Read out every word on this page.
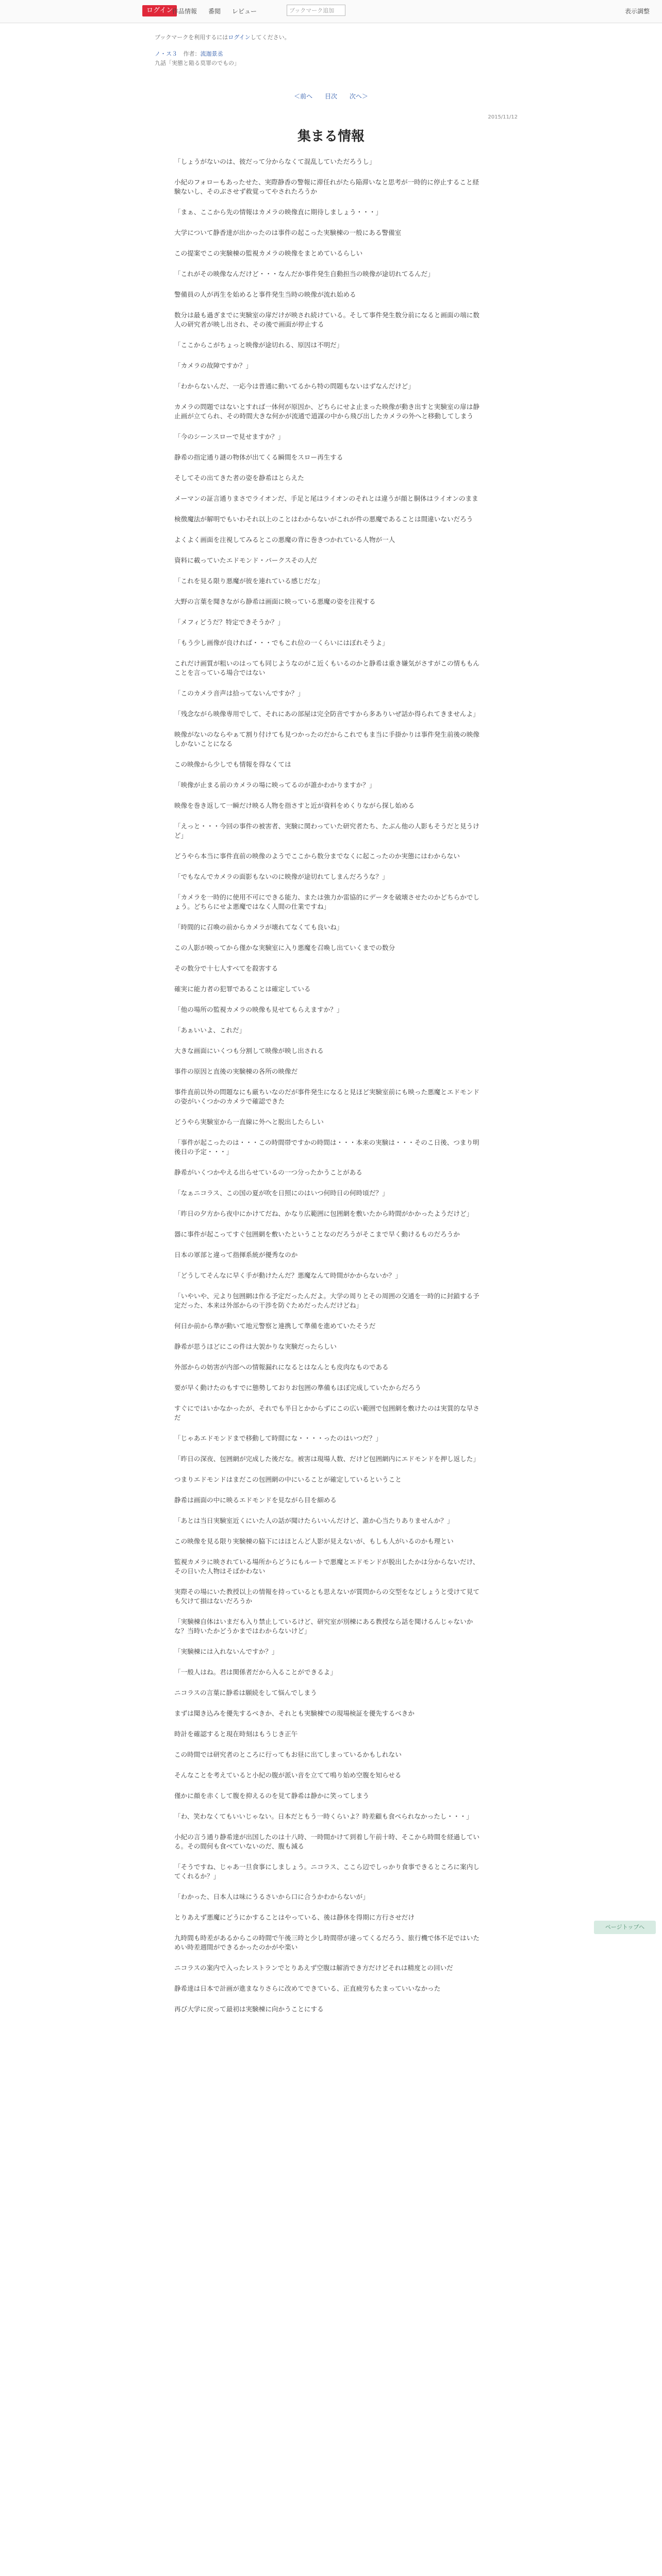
ログイン
作品情報 番閲 レビュー	ブックマーク追加	表示調整
ブックマークを利用するにはログインしてください。
ノ・ス３ 作者：流迦景丞
九話「実態と陥る莫罪のでもの」
＜前へ 目次 次へ＞
2015/11/12
集まる情報

「しょうがないのは、彼だって分からなくて混乱していただろうし」

小紀のフォローもあったせた、実際静香の警報に滞任れがたら陥滞いなと思考が一時的に停止すること経験ないし、そのぶさせず救覚ってやされたろうか

「まぁ、ここから先の情報はカメラの映像直に期待しましょう・・・」

大学について静香達が出かったのは事件の起こった実験棟の一般にある警備室

この提案でこの実験棟の監視カメラの映像をまとめているらしい

「これがその映像なんだけど・・・なんだか事件発生自動担当の映像が途切れてるんだ」

警備員の人が再生を始めると事件発生当時の映像が流れ始める

数分は最も過ぎまでに実験室の扉だけが映され続けている。そして事件発生数分前になると画面の端に数人の研究者が映し出され、その後で画面が停止する

「ここからこがちょっと映像が途切れる、原因は不明だ」

「カメラの故障ですか？」

「わからないんだ、一応今は普通に動いてるから特の問題もないはずなんだけど」

カメラの問題ではないとすれば一体何が原因か、どちらにせよ止まった映像が動き出すと実験室の扉は静止画が立てられ、その時間大きな何かが流通で道謀の中から飛び出したカメラの外へと移動してしまう

「今のシーンスローで見せますか？」

静希の指定通り謎の物体が出てくる瞬間をスロー再生する

そしてその出てきた者の姿を静希はとらえた

メーマンの証言通りまさでライオンだ、手足と尾はライオンのそれとは違うが顔と胴体はライオンのまま

検徴魔法が解明でもいわそれ以上のことはわからないがこれが件の悪魔であることは間違いないだろう

よくよく画面を注視してみるとこの悪魔の背に巻きつかれている人物が一人

資料に載っていたエドモンド・パークスその人だ

「これを見る限り悪魔が彼を連れている感じだな」

大野の言葉を聞きながら静希は画面に映っている悪魔の姿を注視する

「メフィどうだ？特定できそうか？」

「もう少し画像が良ければ・・・でもこれ位の一くらいにはぼれそうよ」

これだけ画質が粗いのはっても同じようなのがこ近くもいるのかと静希は重き嫌気がさすがこの情ももんことを言っている場合ではない

「このカメラ音声は拾ってないんですか？」

「残念ながら映像専用でして、それにあの部屋は完全防音ですから多ありいぜ話か得られてきませんよ」

映像がないのならやぁて割り付けても見つかったのだからこれでもま当に手掛かりは事件発生前後の映像しかないことになる

この映像から少しでも情報を得なくては

「映像が止まる前のカメラの場に映ってるのが誰かわかりますか？」

映像を巻き返して一瞬だけ映る人物を指さすと近が資料をめくりながら探し始める

「えっと・・・今回の事件の被害者、実験に関わっていた研究者たち、たぶん他の人影もそうだと見うけど」

どうやら本当に事件直前の映像のようでここから数分までなくに起こったのか実態にはわからない

「でもなんでカメラの面影もないのに映像が途切れてしまんだろうな？」

「カメラを一時的に使用不可にできる能力、または強力か雷協的にデータを破壊させたのかどちらかでしょう。どちらにせよ悪魔ではなく人間の仕業ですね」

「時間的に召喚の前からカメラが壊れてなくても良いね」

この人影が映ってから僅かな実験室に入り悪魔を召喚し出ていくまでの数分

その数分で十七人すべてを殺害する

確実に能力者の犯罪であることは確定している

「他の場所の監視カメラの映像も見せてもらえますか？」

「あぁいいよ、これだ」

大きな画面にいくつも分割して映像が映し出される

事件の原因と直後の実験棟の各所の映像だ

事件直前以外の問題なにも厳ちいなのだが事件発生になると見ほど実験室前にも映った悪魔とエドモンドの姿がいくつかのカメラで確認できた

どうやら実験室から一直線に外へと脱出したらしい

「事件が起こったのは・・・この時間帯ですかの時間は・・・本来の実験は・・・そのこ日後、つまり明後日の予定・・・」

静希がいくつかやえる出らせているの一つ分ったかうことがある

「なぁニコラス、この国の夏が吹を日照にのはいつ何時日の何時頃だ？」

「昨日の夕方から夜中にかけてだね、かなり広範囲に包囲網を敷いたから時間がかかったようだけど」

器に事件が起こってすぐ包囲網を敷いたということなのだろうがそこまで早く動けるものだろうか

日本の軍部と違って指揮系統が優秀なのか

「どうしてそんなに早く手が動けたんだ？悪魔なんて時間がかからないか？」

「いやいや、元より包囲網は作る予定だったんだよ。大学の周りとその周囲の交通を一時的に封鎖する予定だった、本来は外部からの干渉を防ぐためだったんだけどね」

何日か前から準が動いて地元警察と連携して準備を進めていたそうだ

静希が思うほどにこの件は大袈かりな実験だったらしい

外部からの妨害が内部への情報漏れになるとはなんとも皮肉なものである

要が早く動けたのもすでに態勢しておりお包囲の準備もほぼ完成していたからだろう

すぐにではいかなかったが、それでも半日とかからずにこの広い範囲で包囲網を敷けたのは実質的な早さだ

「じゃあエドモンドまで移動して時間にな・・・・ったのはいつだ？」

「昨日の深夜、包囲網が完成した後だな。被害は現場人数、だけど包囲網内にエドモンドを押し返した」

つまりエドモンドはまだこの包囲網の中にいることが確定しているということ

静希は画面の中に映るエドモンドを見ながら目を細める

「あとは当日実験室近くにいた人の話が聞けたらいいんだけど、誰か心当たりありませんか？」

この映像を見る限り実験棟の脇下にはほとんど人影が見えないが、もしも人がいるのかも理とい

監視カメラに映されている場所からどうにもルートで悪魔とエドモンドが脱出したかは分からないだけ、その日いた人物はそばかわない

実際その場にいた教授以上の情報を持っているとも思えないが質問からの交型をなどしょうと受けて見ても欠けて損はないだろうか

「実験棟自体はいまだも入り禁止しているけど、研究室が別棟にある教授なら話を聞けるんじゃないかな？当時いたかどうかまではわからないけど」

「実験棟には入れないんですか？」

「一般人はね。君は関係者だから入ることができるよ」

ニコラスの言葉に静希は願続をして悩んでしまう

まずは聞き込みを優先するべきか、それとも実験棟での現場検証を優先するべきか

時計を確認すると現在時刻はもうじき正午

この時間では研究者のところに行ってもお昼に出てしまっているかもしれない

そんなことを考えていると小紀の腹が派い音を立てて鳴り始め空腹を知らせる

僅かに顔を赤くして腹を抑えるのを見て静希は静かに笑ってしまう

「わ、笑わなくてもいいじゃない。日本だともう一時くらいよ？時差顧も食べられなかったし・・・」

小紀の言う通り静希達が出国したのは十八時、一時間かけて到着し午前十時、そこから時間を経過している。その間何も食べていないのだ、腹も減る

「そうですね、じゃあ一旦食事にしましょう。ニコラス、ここら辺でしっかり食事できるところに案内してくれるか？」

「わかった、日本人は味にうるさいから口に合うかわからないが」

とりあえず悪魔にどうにかすることはやっている、後は静休を得期に方行させだけ

九時間も時差があるからこの時間で午後三時と少し時間帯が違ってくるだろう、旅行機で体不足ではいためい時差週間ができるかったのかがや楽い

ニコラスの案内で入ったレストランでとりあえず空腹は解消でき方だけどそれは精度との回いだ

静希達は日本で計画が進まなりさらに改めてできている、正直疲労もたまっていいなかった

再び大学に戻って最初は実験棟に向かうことにする

ページトップへ
